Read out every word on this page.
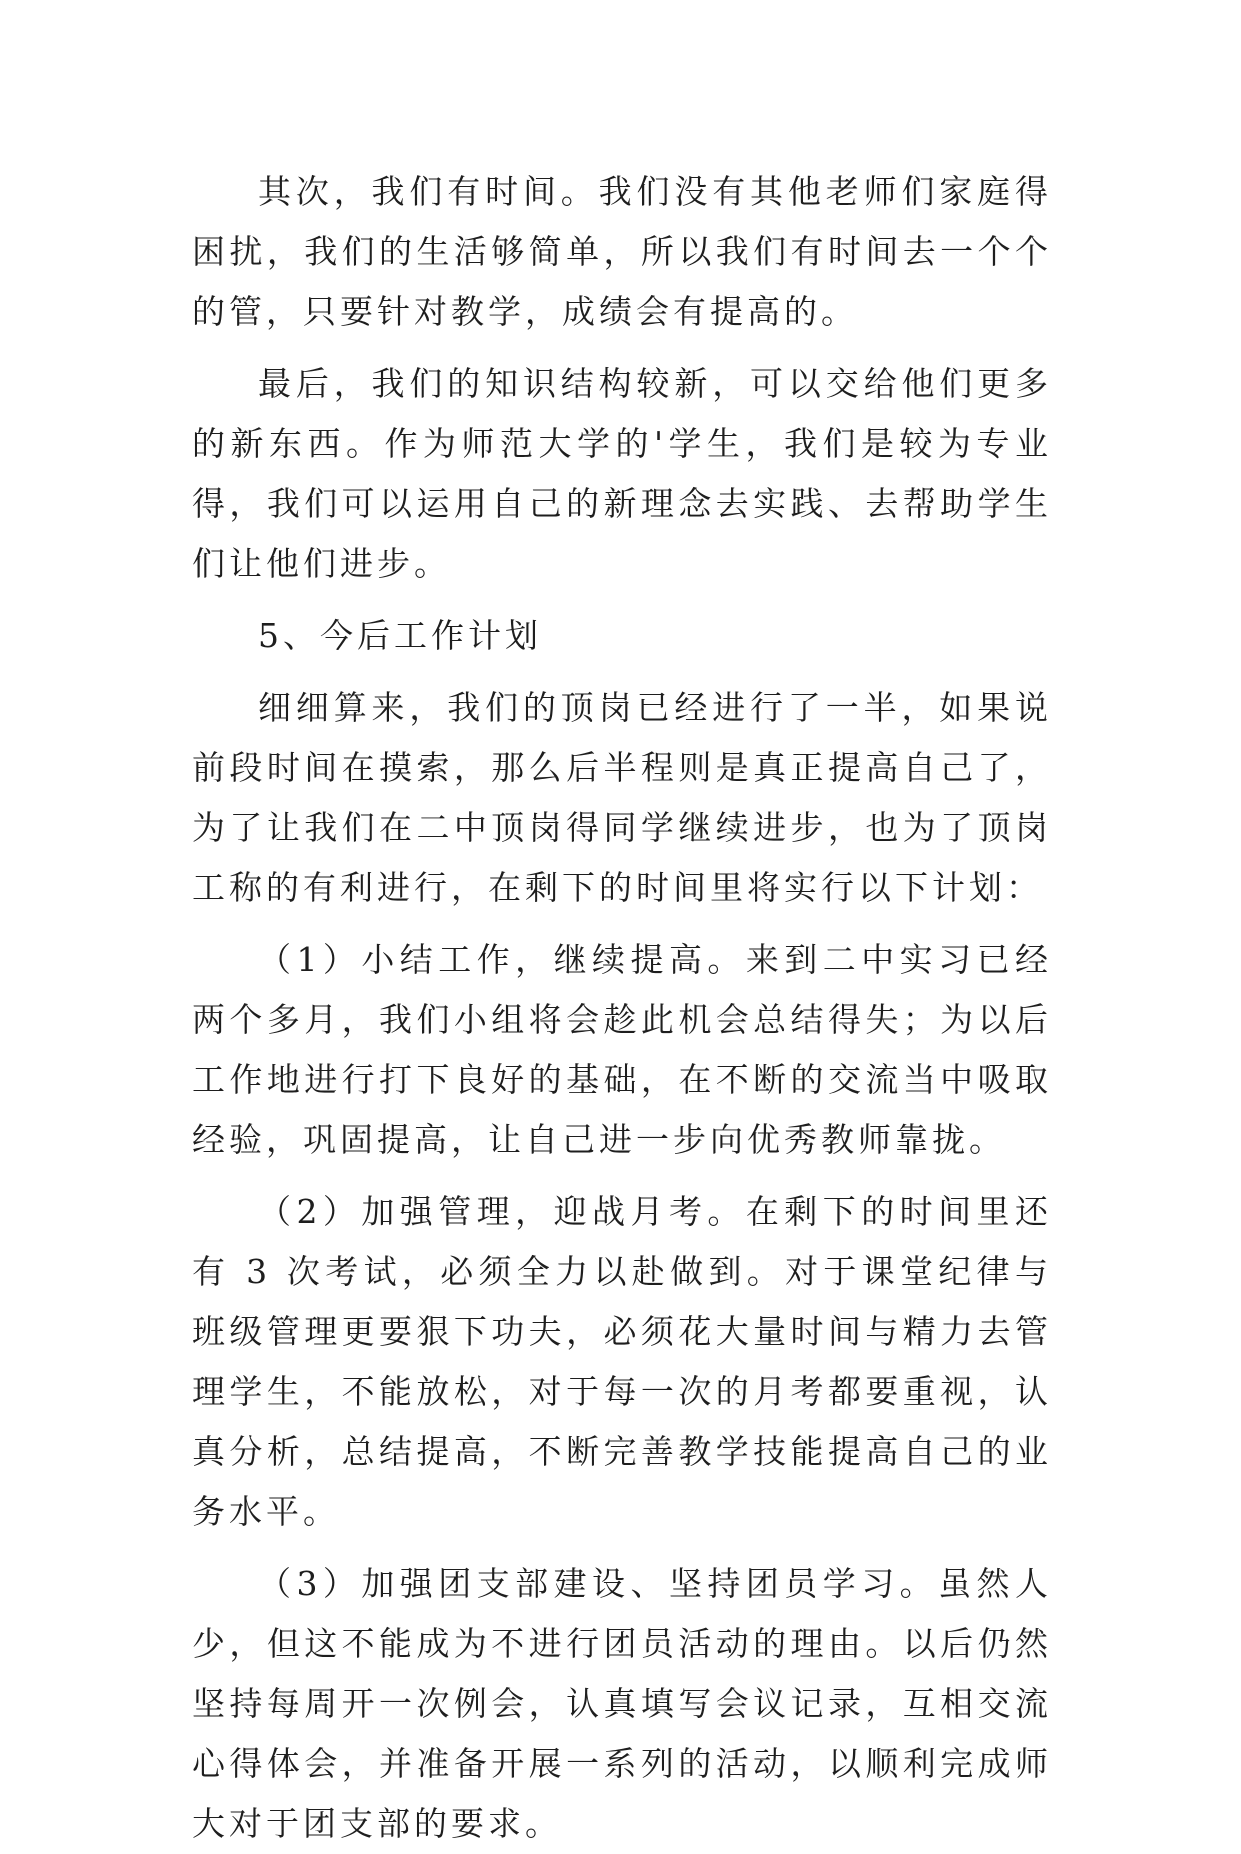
其次，我们有时间。我们没有其他老师们家庭得困扰，我们的生活够简单，所以我们有时间去一个个的管，只要针对教学，成绩会有提高的。

最后，我们的知识结构较新，可以交给他们更多的新东西。作为师范大学的'学生，我们是较为专业得，我们可以运用自己的新理念去实践、去帮助学生们让他们进步。

5、今后工作计划

细细算来，我们的顶岗已经进行了一半，如果说前段时间在摸索，那么后半程则是真正提高自己了，为了让我们在二中顶岗得同学继续进步，也为了顶岗工称的有利进行，在剩下的时间里将实行以下计划：

（1）小结工作，继续提高。来到二中实习已经两个多月，我们小组将会趁此机会总结得失；为以后工作地进行打下良好的基础，在不断的交流当中吸取经验，巩固提高，让自己进一步向优秀教师靠拢。

（2）加强管理，迎战月考。在剩下的时间里还有 3 次考试，必须全力以赴做到。对于课堂纪律与班级管理更要狠下功夫，必须花大量时间与精力去管理学生，不能放松，对于每一次的月考都要重视，认真分析，总结提高，不断完善教学技能提高自己的业务水平。

（3）加强团支部建设、坚持团员学习。虽然人少，但这不能成为不进行团员活动的理由。以后仍然坚持每周开一次例会，认真填写会议记录，互相交流心得体会，并准备开展一系列的活动，以顺利完成师大对于团支部的要求。
